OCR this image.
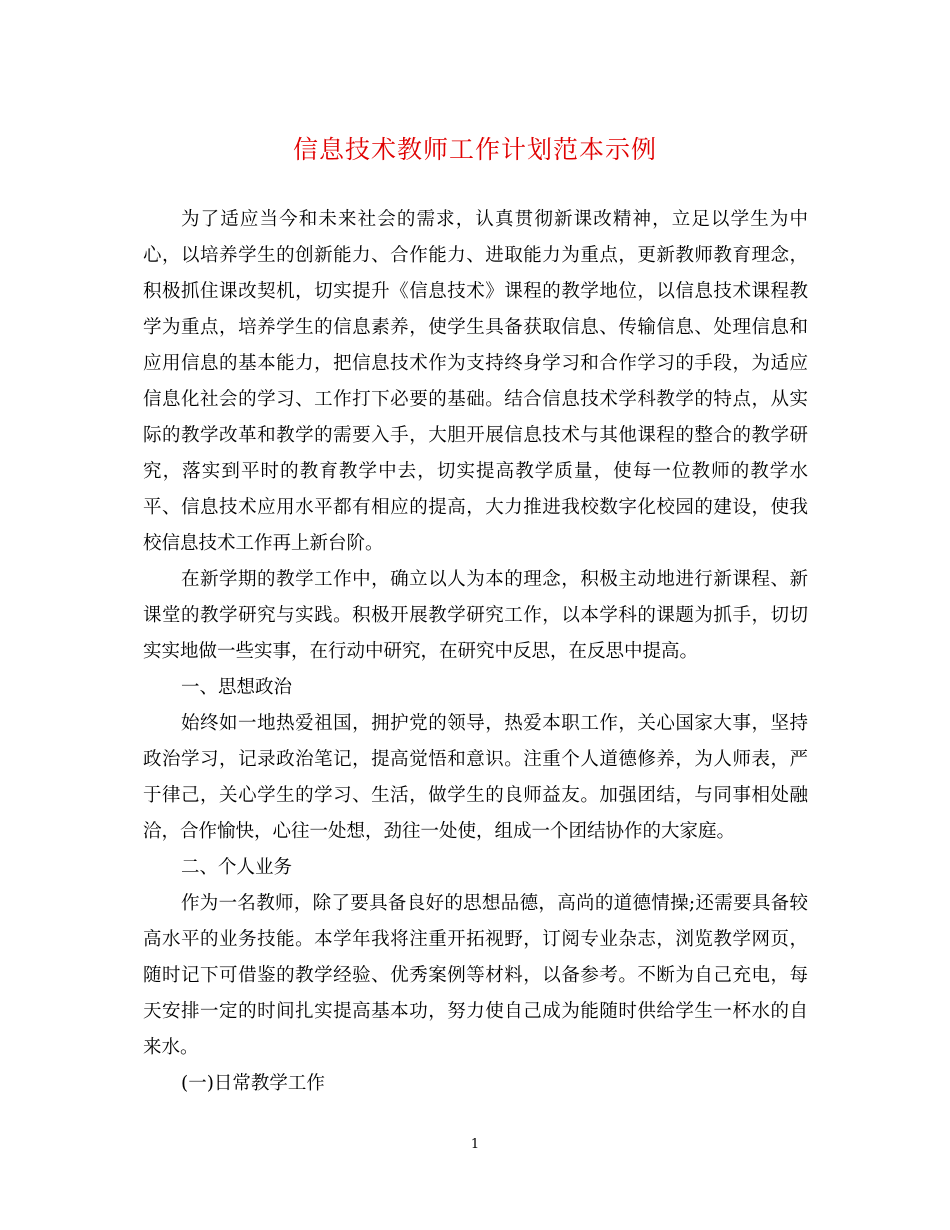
信息技术教师工作计划范本示例
为了适应当今和未来社会的需求，认真贯彻新课改精神，立足以学生为中
心，以培养学生的创新能力、合作能力、进取能力为重点，更新教师教育理念，
积极抓住课改契机，切实提升《信息技术》课程的教学地位，以信息技术课程教
学为重点，培养学生的信息素养，使学生具备获取信息、传输信息、处理信息和
应用信息的基本能力，把信息技术作为支持终身学习和合作学习的手段，为适应
信息化社会的学习、工作打下必要的基础。结合信息技术学科教学的特点，从实
际的教学改革和教学的需要入手，大胆开展信息技术与其他课程的整合的教学研
究，落实到平时的教育教学中去，切实提高教学质量，使每一位教师的教学水
平、信息技术应用水平都有相应的提高，大力推进我校数字化校园的建设，使我
校信息技术工作再上新台阶。
在新学期的教学工作中，确立以人为本的理念，积极主动地进行新课程、新
课堂的教学研究与实践。积极开展教学研究工作，以本学科的课题为抓手，切切
实实地做一些实事，在行动中研究，在研究中反思，在反思中提高。
一、思想政治
始终如一地热爱祖国，拥护党的领导，热爱本职工作，关心国家大事，坚持
政治学习，记录政治笔记，提高觉悟和意识。注重个人道德修养，为人师表，严
于律己，关心学生的学习、生活，做学生的良师益友。加强团结，与同事相处融
洽，合作愉快，心往一处想，劲往一处使，组成一个团结协作的大家庭。
二、个人业务
作为一名教师，除了要具备良好的思想品德，高尚的道德情操;还需要具备较
高水平的业务技能。本学年我将注重开拓视野，订阅专业杂志，浏览教学网页，
随时记下可借鉴的教学经验、优秀案例等材料，以备参考。不断为自己充电，每
天安排一定的时间扎实提高基本功，努力使自己成为能随时供给学生一杯水的自
来水。
(一)日常教学工作
1
